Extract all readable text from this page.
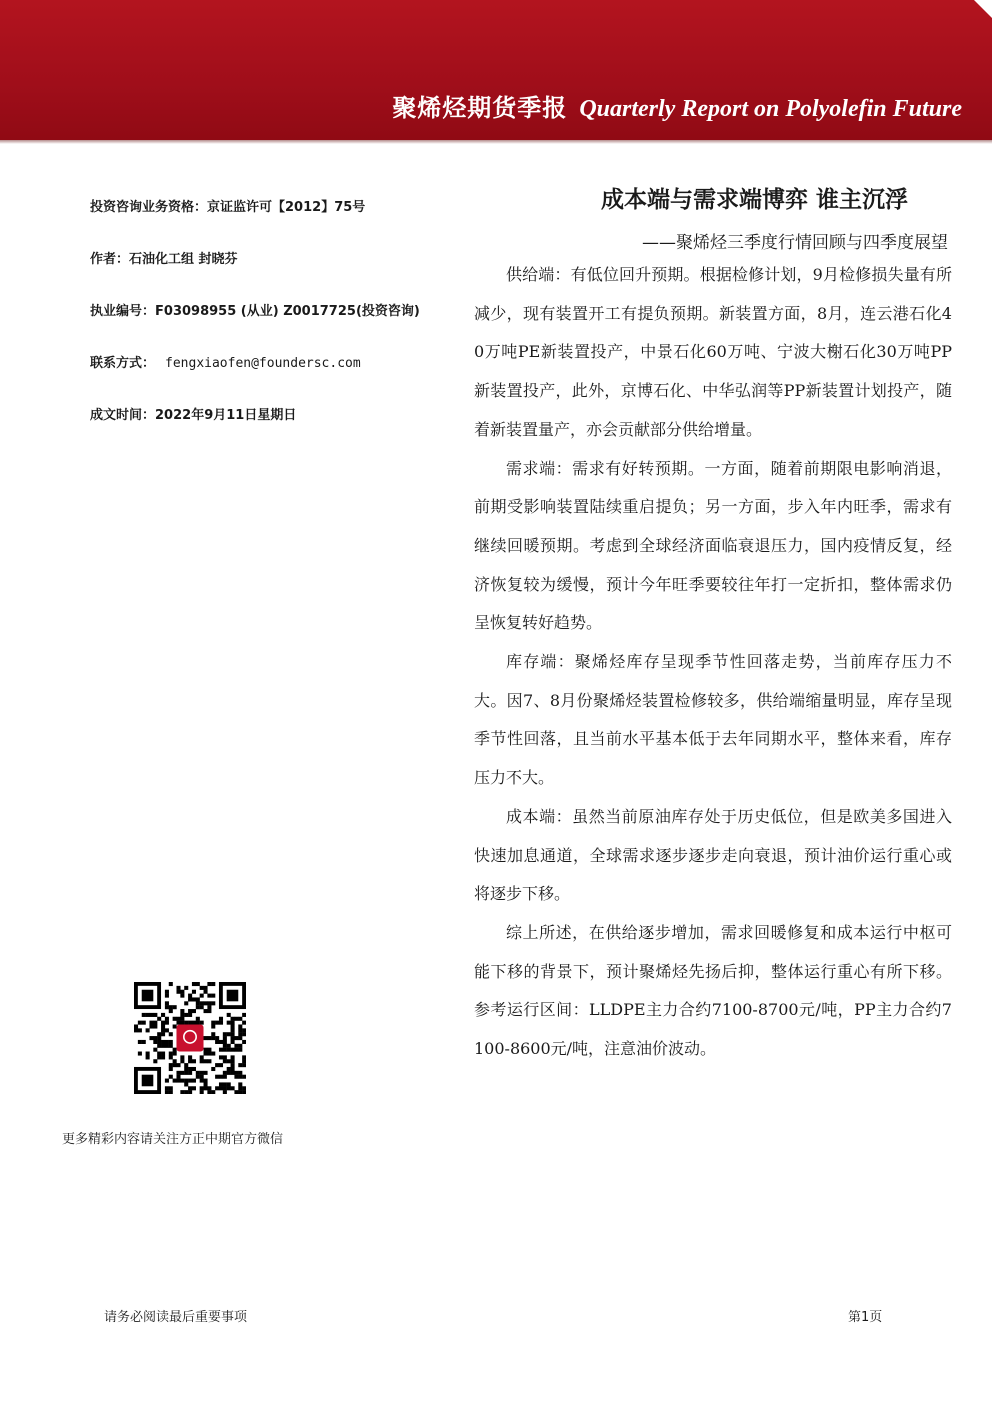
聚烯烃期货季报 Quarterly Report on Polyolefin Future
投资咨询业务资格：京证监许可【2012】75号
作者：石油化工组 封晓芬
执业编号：F03098955 (从业) Z0017725(投资咨询)
联系方式： fengxiaofen@foundersc.com
成文时间：2022年9月11日星期日
更多精彩内容请关注方正中期官方微信
成本端与需求端博弈 谁主沉浮
——聚烯烃三季度行情回顾与四季度展望

供给端：有低位回升预期。根据检修计划，9月检修损失量有所减少，现有装置开工有提负预期。新装置方面，8月，连云港石化40万吨PE新装置投产，中景石化60万吨、宁波大榭石化30万吨PP新装置投产，此外，京博石化、中华弘润等PP新装置计划投产，随着新装置量产，亦会贡献部分供给增量。

需求端：需求有好转预期。一方面，随着前期限电影响消退，前期受影响装置陆续重启提负；另一方面，步入年内旺季，需求有继续回暖预期。考虑到全球经济面临衰退压力，国内疫情反复，经济恢复较为缓慢，预计今年旺季要较往年打一定折扣，整体需求仍呈恢复转好趋势。

库存端：聚烯烃库存呈现季节性回落走势，当前库存压力不大。因7、8月份聚烯烃装置检修较多，供给端缩量明显，库存呈现季节性回落，且当前水平基本低于去年同期水平，整体来看，库存压力不大。

成本端：虽然当前原油库存处于历史低位，但是欧美多国进入快速加息通道，全球需求逐步逐步走向衰退，预计油价运行重心或将逐步下移。

综上所述，在供给逐步增加，需求回暖修复和成本运行中枢可能下移的背景下，预计聚烯烃先扬后抑，整体运行重心有所下移。参考运行区间：LLDPE主力合约7100-8700元/吨，PP主力合约7100-8600元/吨，注意油价波动。

请务必阅读最后重要事项	第1页
